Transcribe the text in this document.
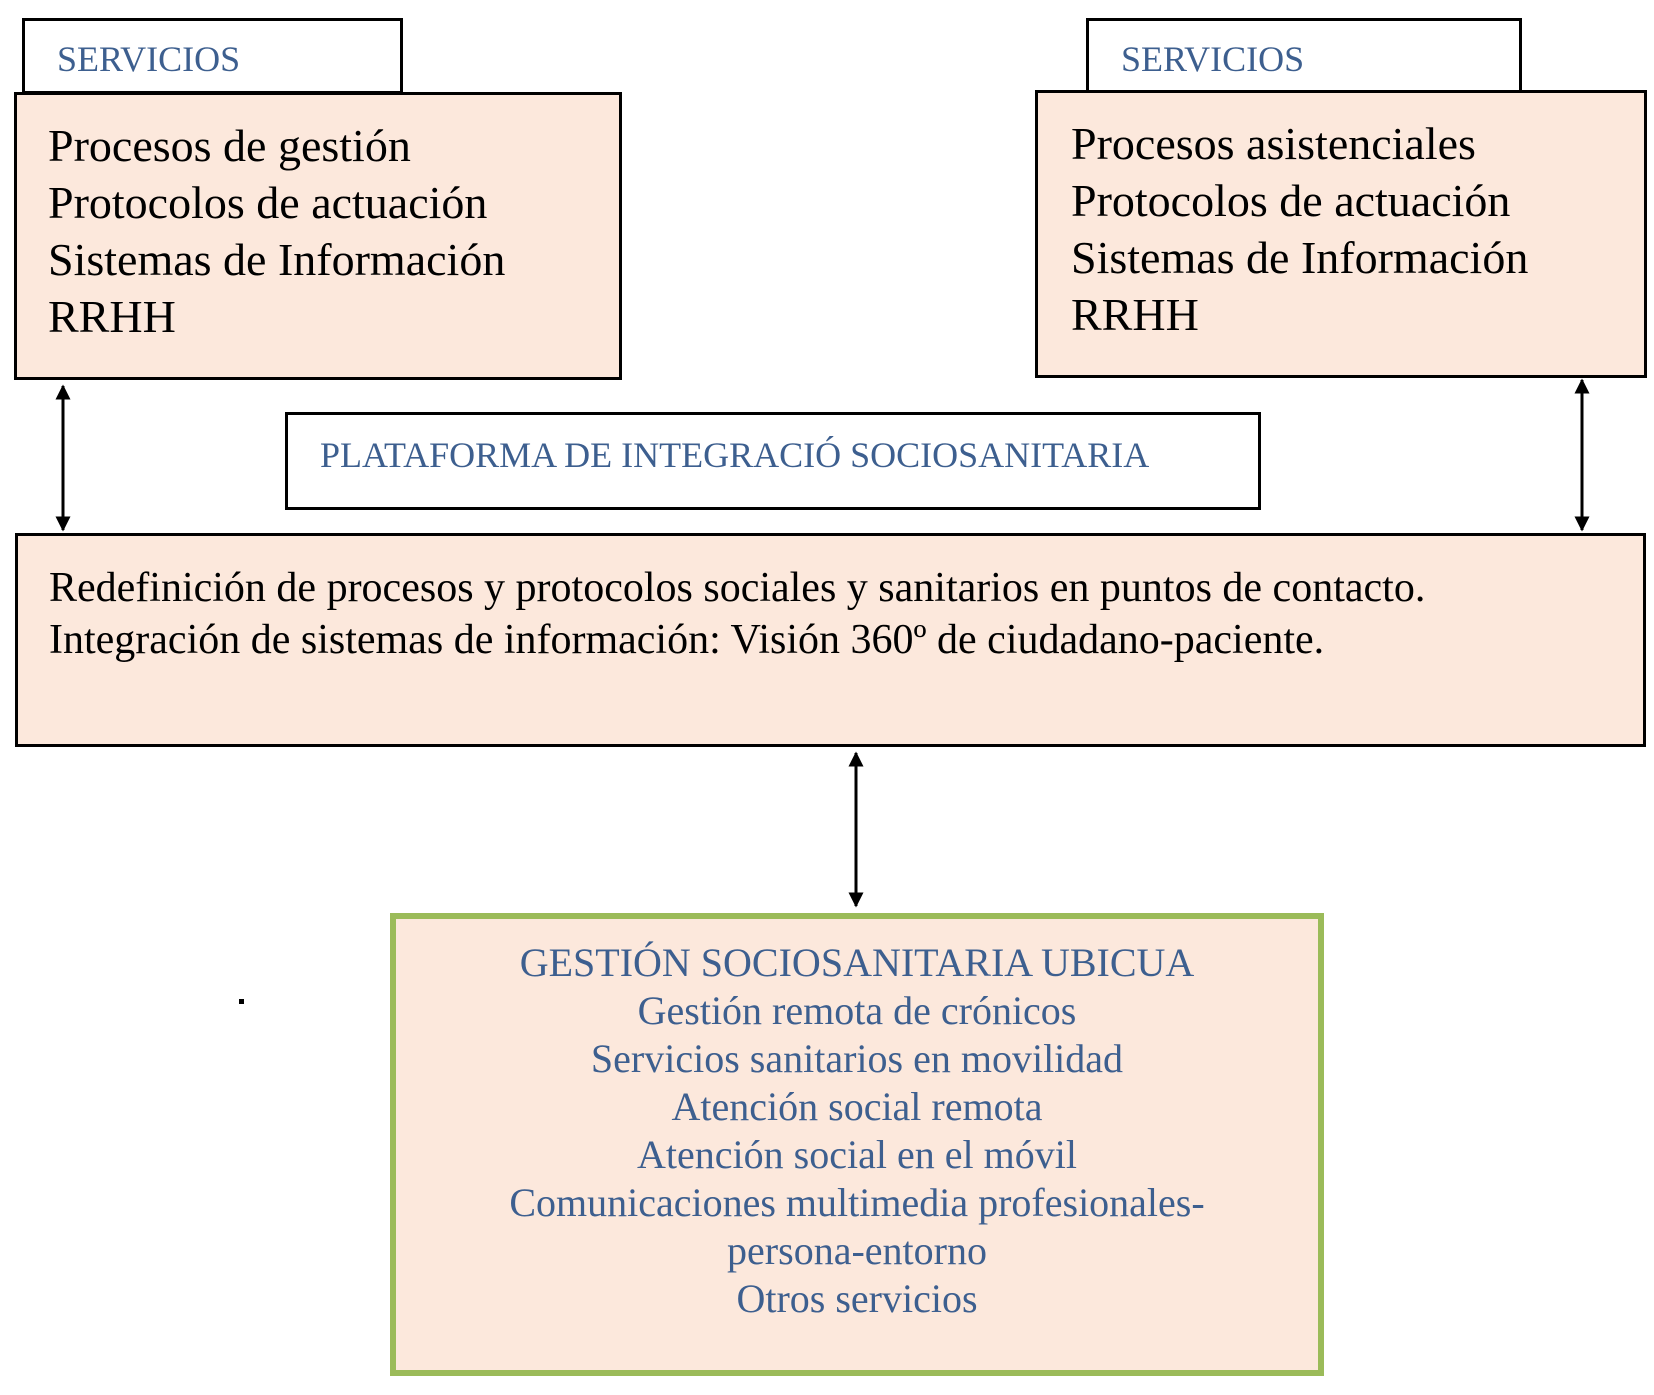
SERVICIOS
Procesos de gestión
Protocolos de actuación
Sistemas de Información
RRHH
SERVICIOS
Procesos asistenciales
Protocolos de actuación
Sistemas de Información
RRHH
PLATAFORMA DE INTEGRACIÓ SOCIOSANITARIA
Redefinición de procesos y protocolos sociales y sanitarios en puntos de contacto.
Integración de sistemas de información: Visión 360º de ciudadano-paciente.
GESTIÓN SOCIOSANITARIA UBICUA
Gestión remota de crónicos
Servicios sanitarios en movilidad
Atención social remota
Atención social en el móvil
Comunicaciones multimedia profesionales-
persona-entorno
Otros servicios
